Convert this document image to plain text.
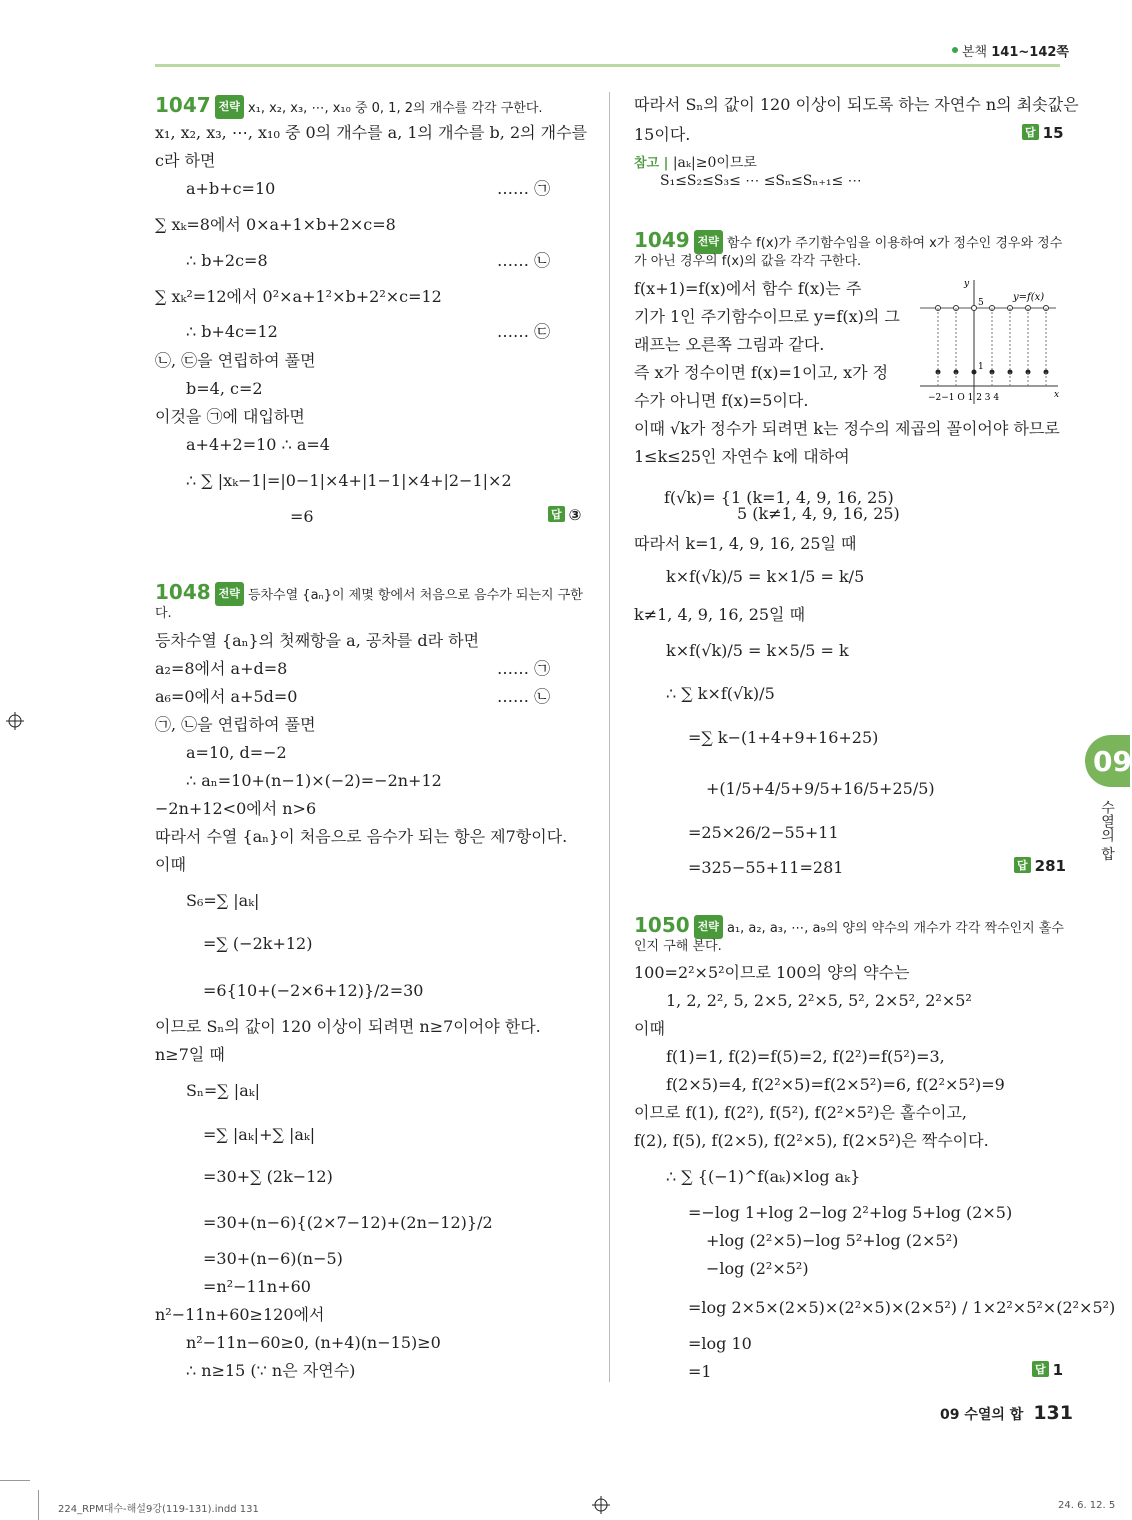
본책 141~142쪽
1047 전략 x₁, x₂, x₃, ⋯, x₁₀ 중 0, 1, 2의 개수를 각각 구한다.
x₁, x₂, x₃, ⋯, x₁₀ 중 0의 개수를 a, 1의 개수를 b, 2의 개수를
c라 하면
a+b+c=10	…… ㉠
∑ xₖ=8에서 0×a+1×b+2×c=8
∴ b+2c=8	…… ㉡
∑ xₖ²=12에서 0²×a+1²×b+2²×c=12
∴ b+4c=12	…… ㉢
㉡, ㉢을 연립하여 풀면
b=4, c=2
이것을 ㉠에 대입하면
a+4+2=10 ∴ a=4
∴ ∑ |xₖ−1|=|0−1|×4+|1−1|×4+|2−1|×2
=6	답 ③
1048 전략 등차수열 {aₙ}이 제몇 항에서 처음으로 음수가 되는지 구한
다.
등차수열 {aₙ}의 첫째항을 a, 공차를 d라 하면
a₂=8에서 a+d=8	…… ㉠
a₆=0에서 a+5d=0	…… ㉡
㉠, ㉡을 연립하여 풀면
a=10, d=−2
∴ aₙ=10+(n−1)×(−2)=−2n+12
−2n+12<0에서 n>6
따라서 수열 {aₙ}이 처음으로 음수가 되는 항은 제7항이다.
이때
S₆=∑ |aₖ|
=∑ (−2k+12)
=6{10+(−2×6+12)}/2=30
이므로 Sₙ의 값이 120 이상이 되려면 n≥7이어야 한다.
n≥7일 때
Sₙ=∑ |aₖ|
=∑ |aₖ|+∑ |aₖ|
=30+∑ (2k−12)
=30+(n−6){(2×7−12)+(2n−12)}/2
=30+(n−6)(n−5)
=n²−11n+60
n²−11n+60≥120에서
n²−11n−60≥0, (n+4)(n−15)≥0
∴ n≥15 (∵ n은 자연수)
따라서 Sₙ의 값이 120 이상이 되도록 하는 자연수 n의 최솟값은
15이다.	답 15
참고 | |aₖ|≥0이므로
S₁≤S₂≤S₃≤ ⋯ ≤Sₙ≤Sₙ₊₁≤ ⋯
1049 전략 함수 f(x)가 주기함수임을 이용하여 x가 정수인 경우와 정수
가 아닌 경우의 f(x)의 값을 각각 구한다.
f(x+1)=f(x)에서 함수 f(x)는 주
기가 1인 주기함수이므로 y=f(x)의 그
래프는 오른쪽 그림과 같다.
즉 x가 정수이면 f(x)=1이고, x가 정
수가 아니면 f(x)=5이다.
이때 √k가 정수가 되려면 k는 정수의 제곱의 꼴이어야 하므로
1≤k≤25인 자연수 k에 대하여
f(√k)= {1 (k=1, 4, 9, 16, 25)
5 (k≠1, 4, 9, 16, 25)
따라서 k=1, 4, 9, 16, 25일 때
k×f(√k)/5 = k×1/5 = k/5
k≠1, 4, 9, 16, 25일 때
k×f(√k)/5 = k×5/5 = k
∴ ∑ k×f(√k)/5
=∑ k−(1+4+9+16+25)
+(1/5+4/5+9/5+16/5+25/5)
=25×26/2−55+11
=325−55+11=281	답 281
y
x
y=f(x)
5
1
−2−1 O 1 2 3 4
1050 전략 a₁, a₂, a₃, ⋯, a₉의 양의 약수의 개수가 각각 짝수인지 홀수
인지 구해 본다.
100=2²×5²이므로 100의 양의 약수는
1, 2, 2², 5, 2×5, 2²×5, 5², 2×5², 2²×5²
이때
f(1)=1, f(2)=f(5)=2, f(2²)=f(5²)=3,
f(2×5)=4, f(2²×5)=f(2×5²)=6, f(2²×5²)=9
이므로 f(1), f(2²), f(5²), f(2²×5²)은 홀수이고,
f(2), f(5), f(2×5), f(2²×5), f(2×5²)은 짝수이다.
∴ ∑ {(−1)^f(aₖ)×log aₖ}
=−log 1+log 2−log 2²+log 5+log (2×5)
+log (2²×5)−log 5²+log (2×5²)
−log (2²×5²)
=log 2×5×(2×5)×(2²×5)×(2×5²) / 1×2²×5²×(2²×5²)
=log 10
=1	답 1
09
수열의 합
09 수열의 합 131
224_RPM대수-해설9강(119-131).indd 131	24. 6. 12. 5
